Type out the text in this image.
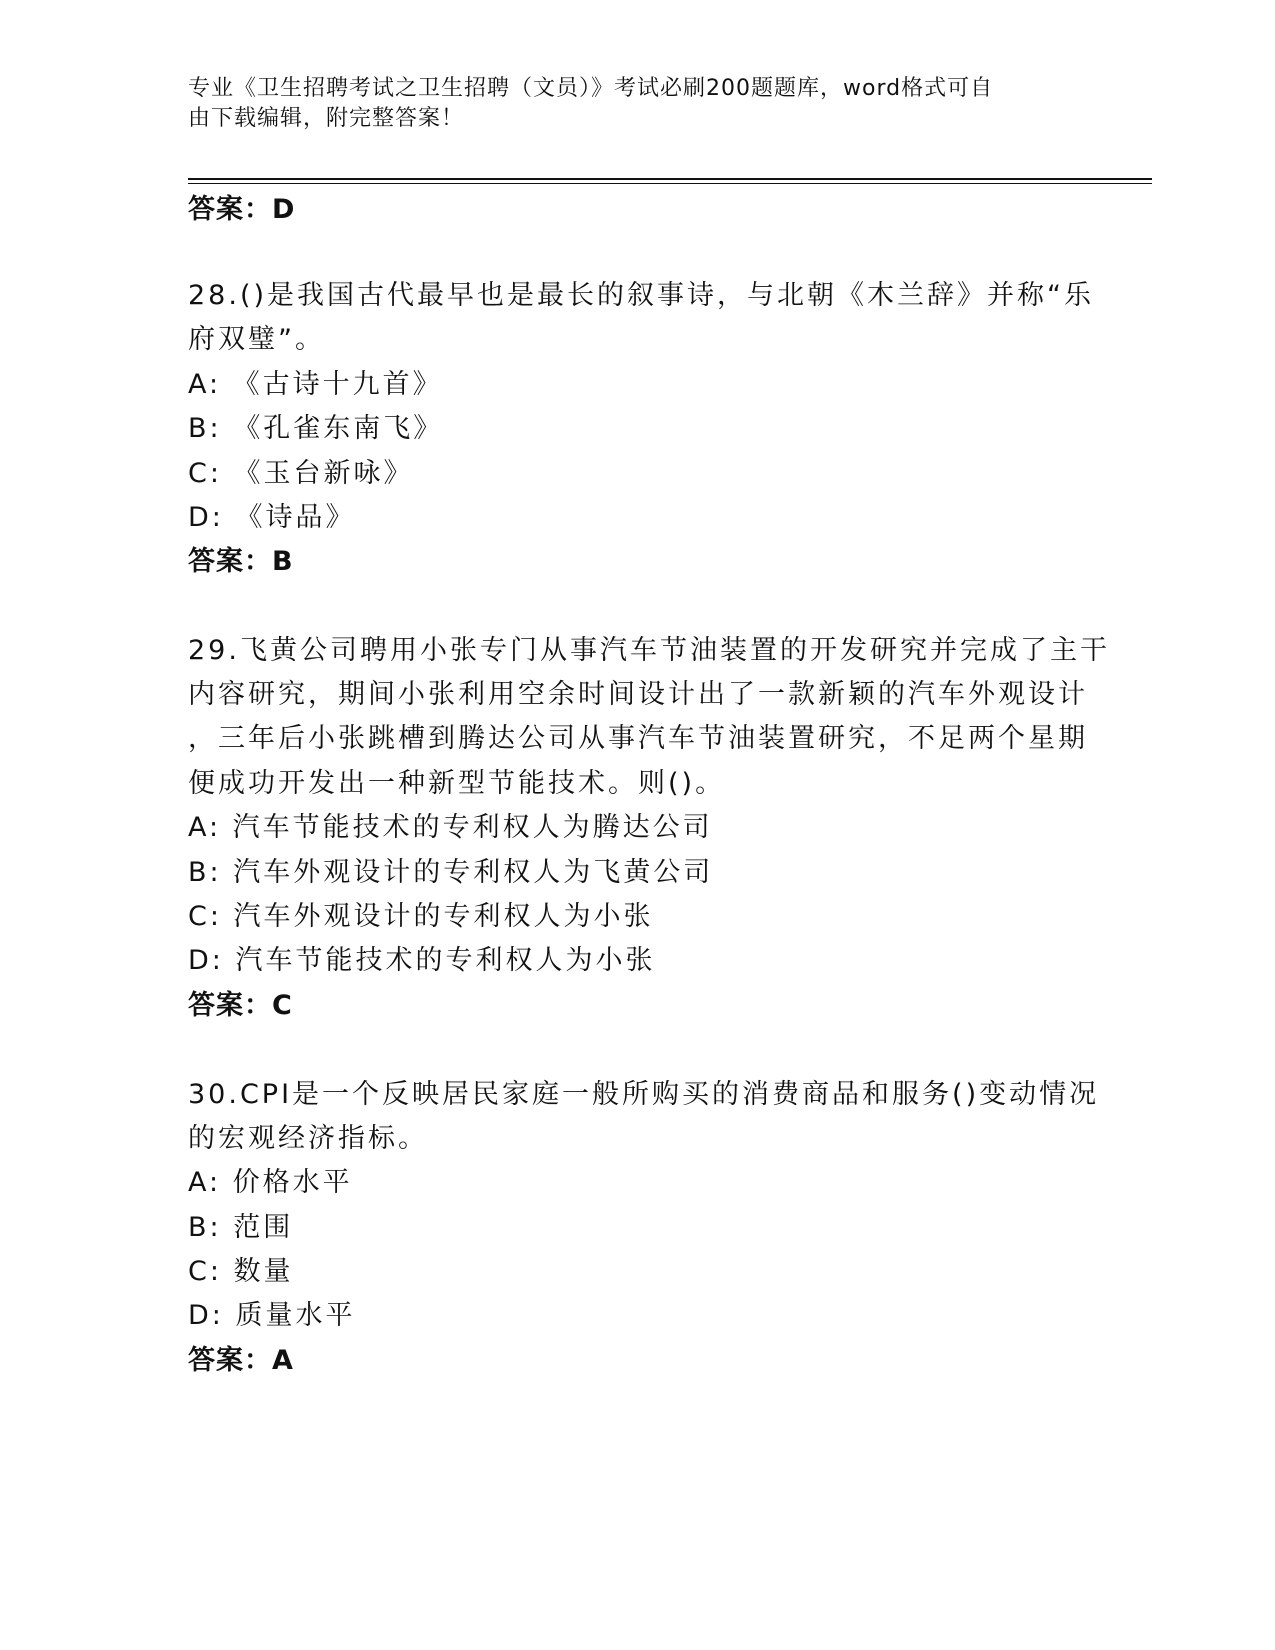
专业《卫生招聘考试之卫生招聘（文员）》考试必刷200题题库，word格式可自
由下载编辑，附完整答案！
答案：D
28.()是我国古代最早也是最长的叙事诗，与北朝《木兰辞》并称“乐
府双璧”。
A: 《古诗十九首》
B: 《孔雀东南飞》
C: 《玉台新咏》
D: 《诗品》
答案：B
29.飞黄公司聘用小张专门从事汽车节油装置的开发研究并完成了主干
内容研究，期间小张利用空余时间设计出了一款新颖的汽车外观设计
，三年后小张跳槽到腾达公司从事汽车节油装置研究，不足两个星期
便成功开发出一种新型节能技术。则()。
A: 汽车节能技术的专利权人为腾达公司
B: 汽车外观设计的专利权人为飞黄公司
C: 汽车外观设计的专利权人为小张
D: 汽车节能技术的专利权人为小张
答案：C
30.CPI是一个反映居民家庭一般所购买的消费商品和服务()变动情况
的宏观经济指标。
A: 价格水平
B: 范围
C: 数量
D: 质量水平
答案：A
